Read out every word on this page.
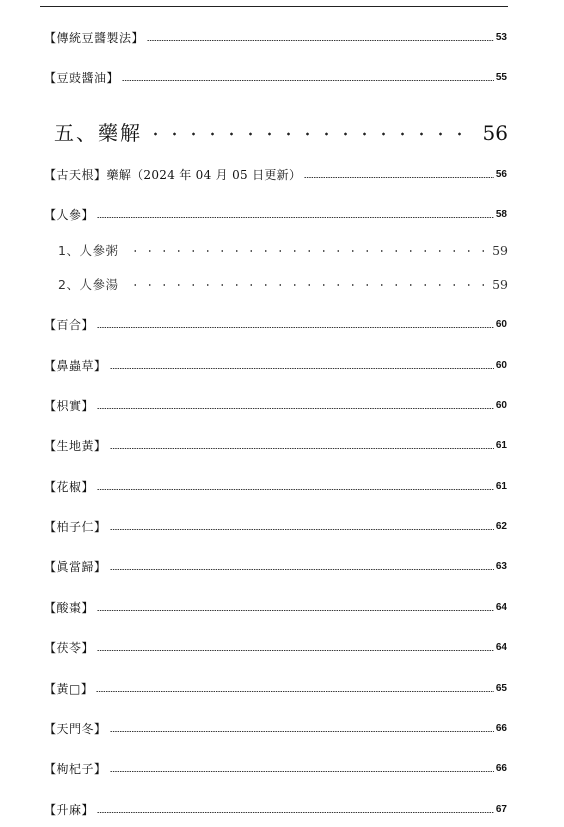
【傳統豆醬製法】	53
【豆豉醬油】	55
五、藥解	56
【古天根】 藥解（2024 年 04 月 05 日更新）	56
【人參】	58
1、人參粥	59
2、人參湯	59
【百合】	60
【鼻蟲草】	60
【枳實】	60
【生地黃】	61
【花椒】	61
【柏子仁】	62
【眞當歸】	63
【酸棗】	64
【茯苓】	64
【黃□】	65
【天門冬】	66
【枸杞子】	66
【升麻】	67
